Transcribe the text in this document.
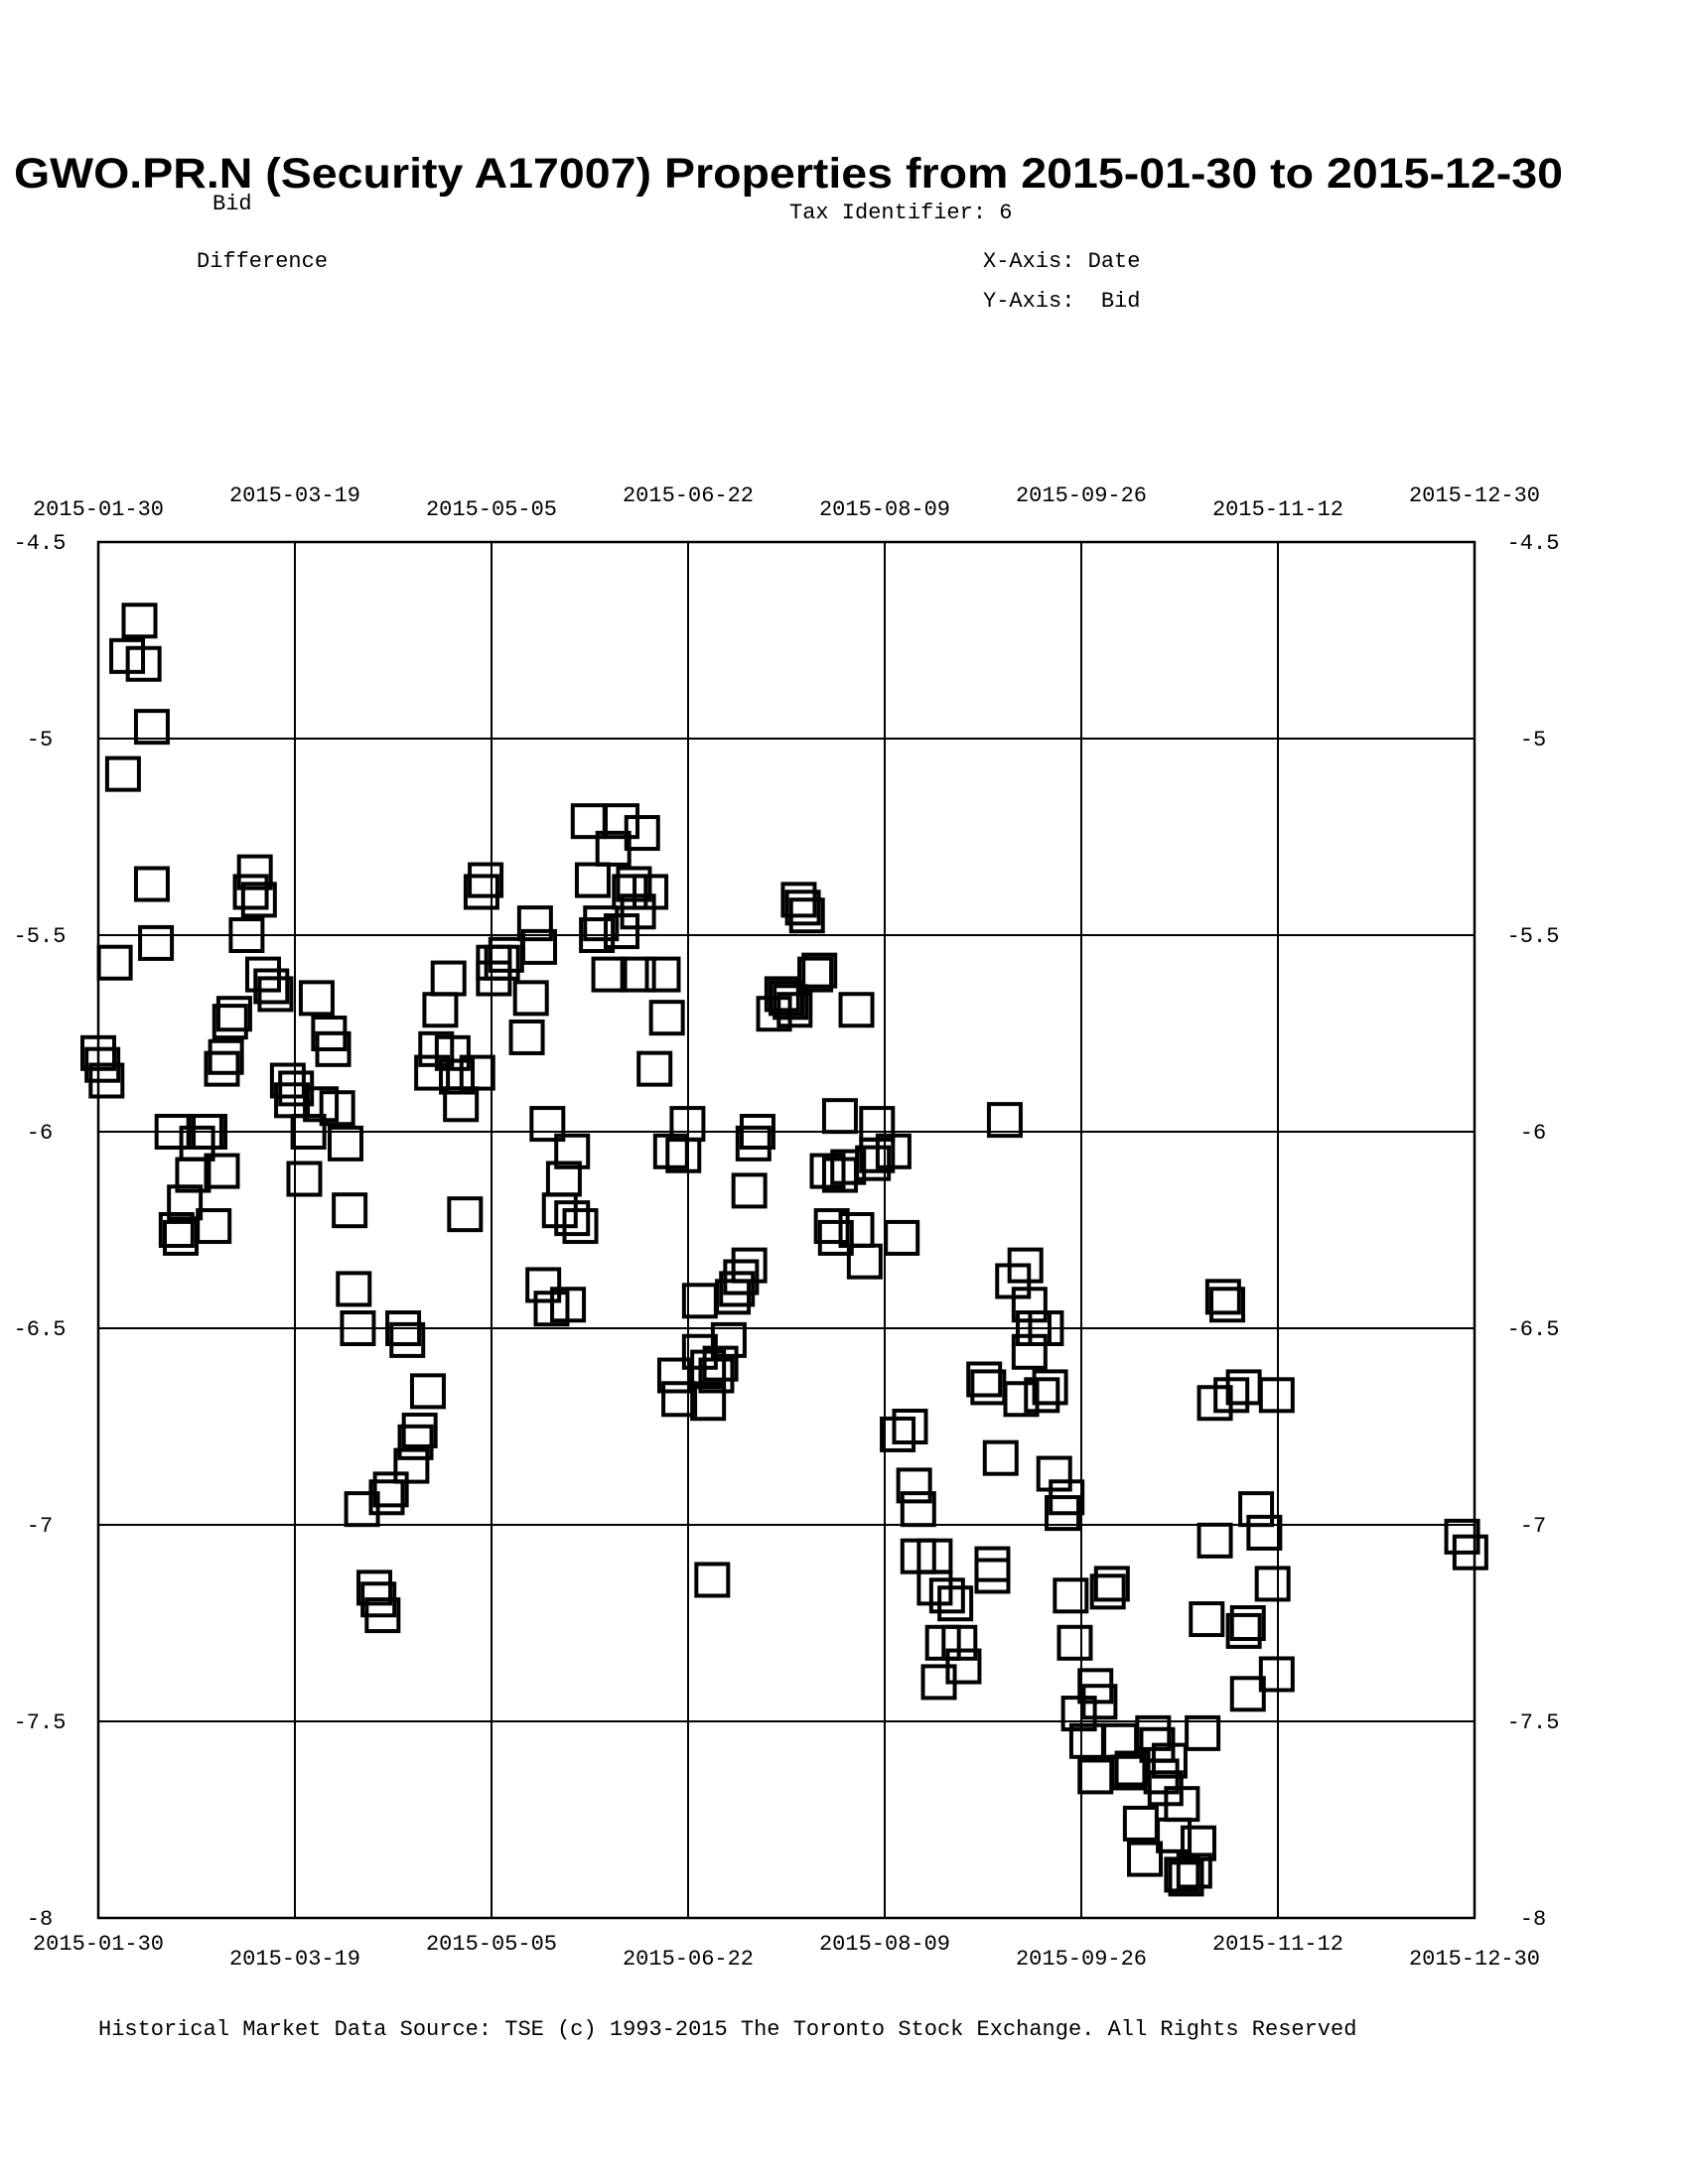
GWO.PR.N (Security A17007) Properties from 2015-01-30 to 2015-12-30
Bid	Tax Identifier: 6
Difference	X-Axis: Date
Y-Axis:  Bid
2015-01-30
2015-01-30
2015-03-19
2015-03-19
2015-05-05
2015-05-05
2015-06-22
2015-06-22
2015-08-09
2015-08-09
2015-09-26
2015-09-26
2015-11-12
2015-11-12
2015-12-30
2015-12-30
-4.5	-4.5
-5	-5
-5.5	-5.5
-6	-6
-6.5	-6.5
-7	-7
-7.5	-7.5
-8	-8
Historical Market Data Source: TSE (c) 1993-2015 The Toronto Stock Exchange. All Rights Reserved
